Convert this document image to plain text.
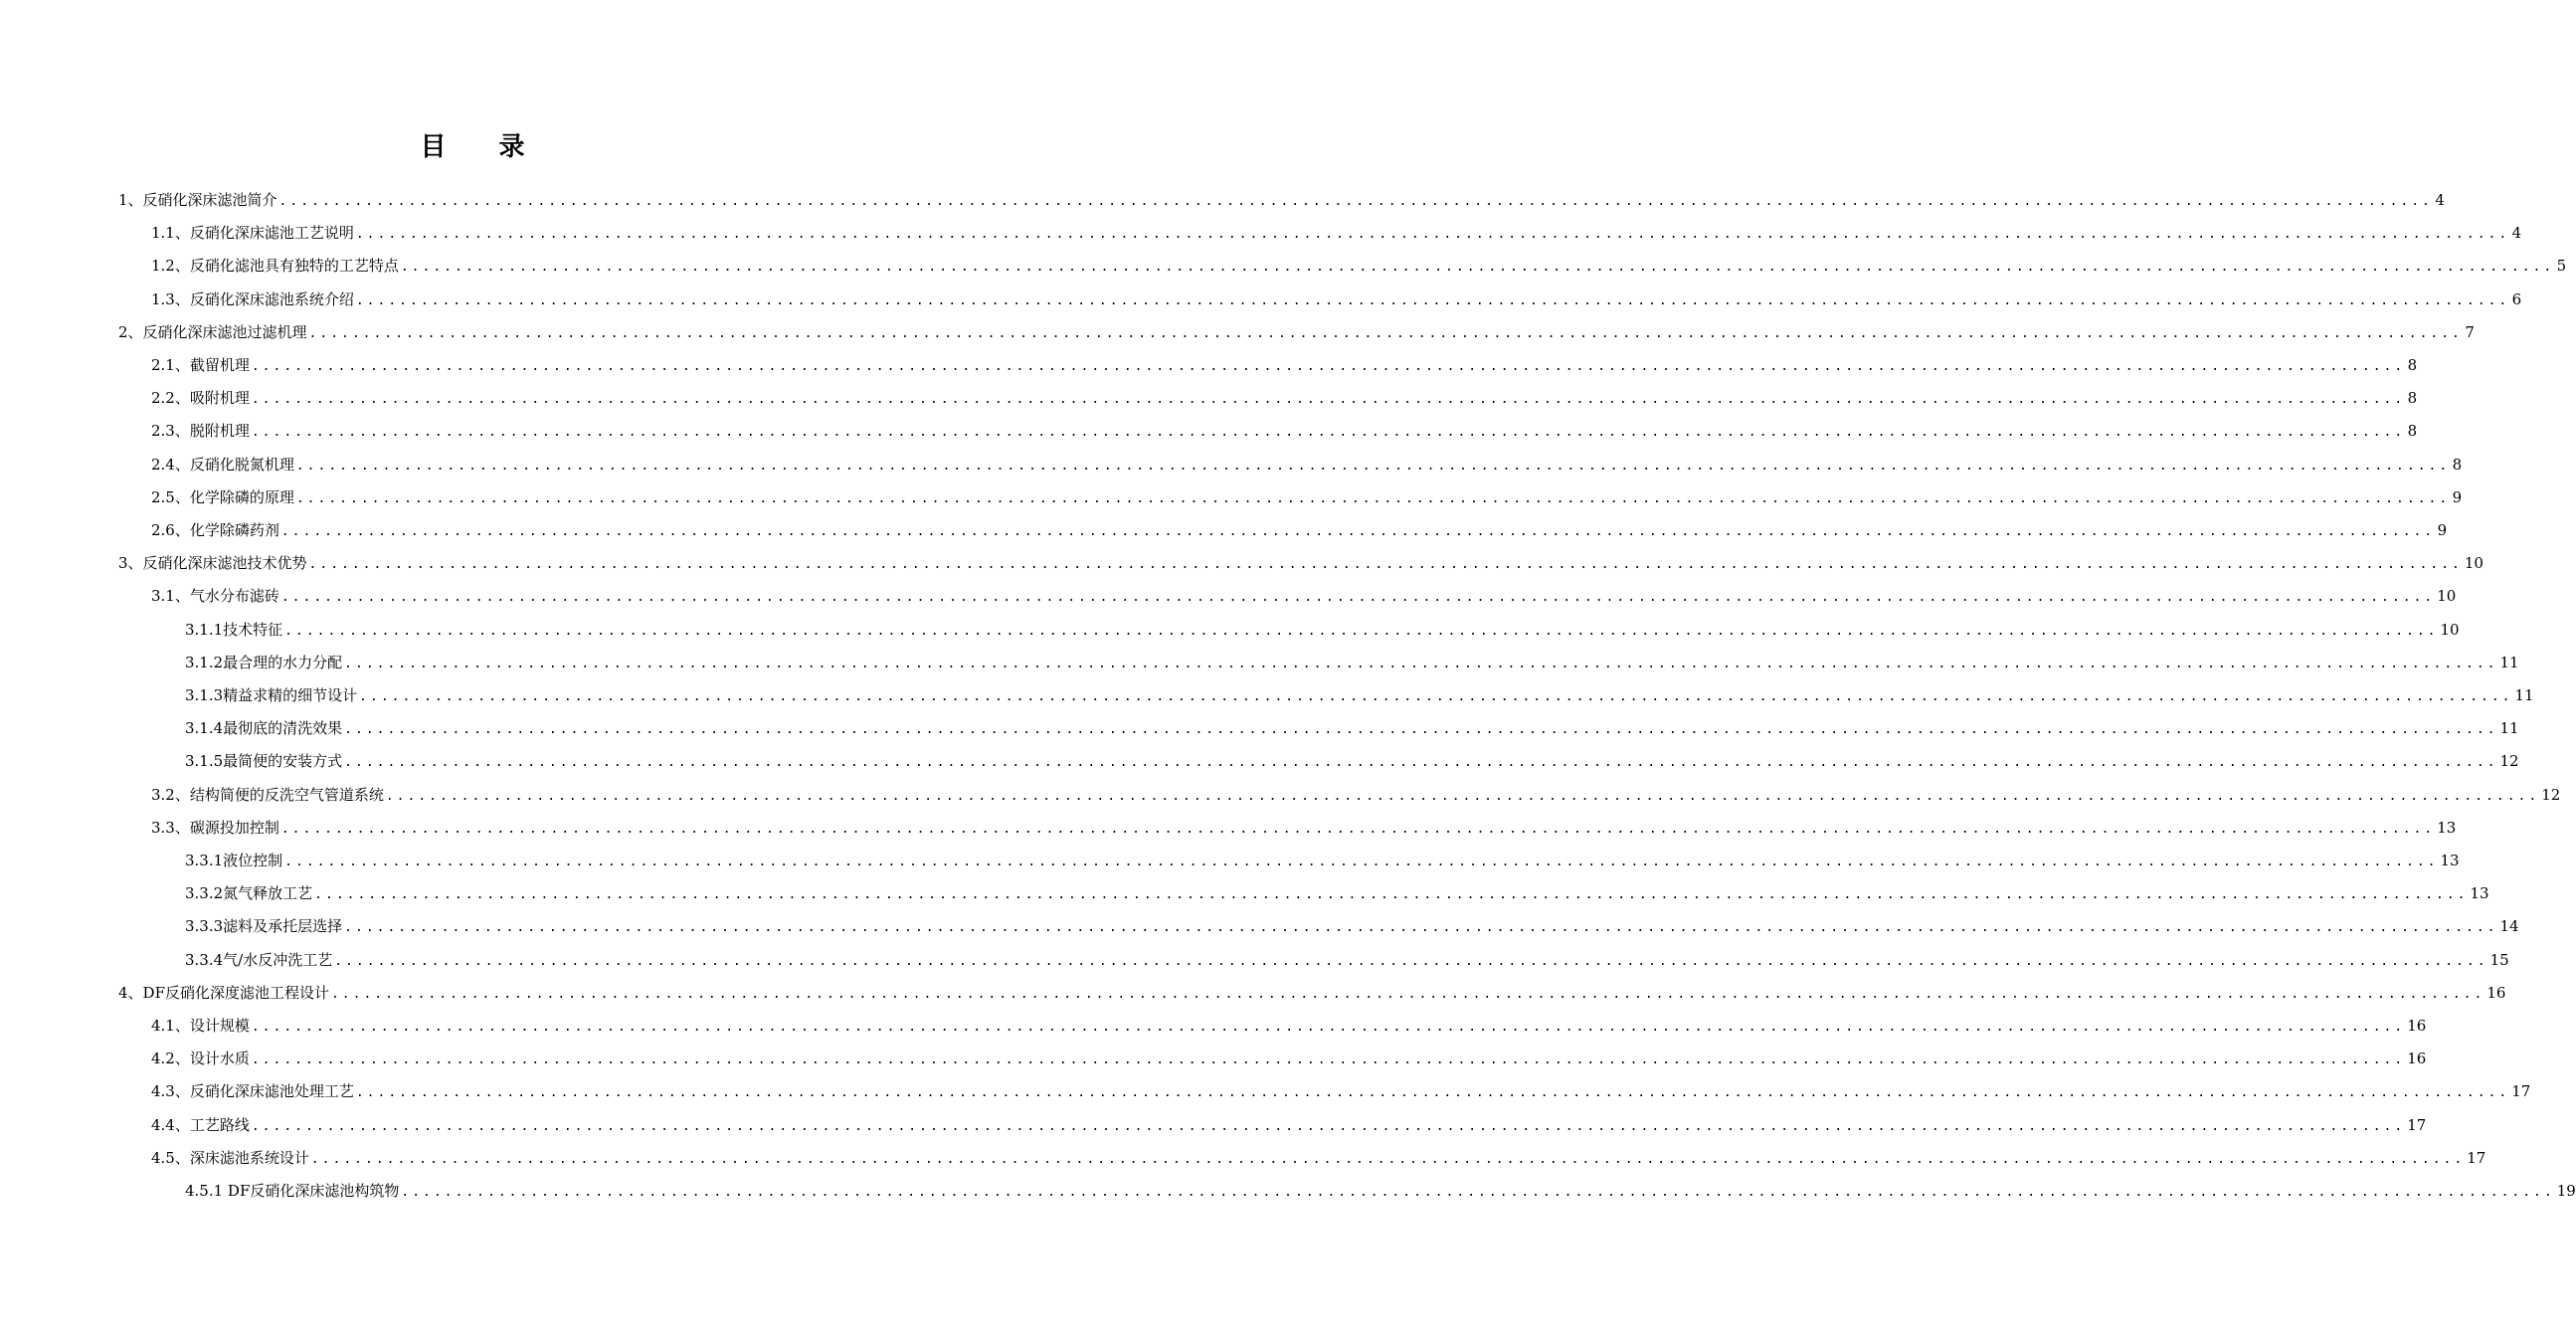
目 录
1、反硝化深床滤池简介 ........................................................................................................................................................................................................ 4
1.1、反硝化深床滤池工艺说明 ........................................................................................................................................................................................................ 4
1.2、反硝化滤池具有独特的工艺特点 ........................................................................................................................................................................................................ 5
1.3、反硝化深床滤池系统介绍 ........................................................................................................................................................................................................ 6
2、反硝化深床滤池过滤机理 ........................................................................................................................................................................................................ 7
2.1、截留机理 ........................................................................................................................................................................................................ 8
2.2、吸附机理 ........................................................................................................................................................................................................ 8
2.3、脱附机理 ........................................................................................................................................................................................................ 8
2.4、反硝化脱氮机理 ........................................................................................................................................................................................................ 8
2.5、化学除磷的原理 ........................................................................................................................................................................................................ 9
2.6、化学除磷药剂 ........................................................................................................................................................................................................ 9
3、反硝化深床滤池技术优势 ........................................................................................................................................................................................................ 10
3.1、气水分布滤砖 ........................................................................................................................................................................................................ 10
3.1.1技术特征 ........................................................................................................................................................................................................ 10
3.1.2最合理的水力分配 ........................................................................................................................................................................................................ 11
3.1.3精益求精的细节设计 ........................................................................................................................................................................................................ 11
3.1.4最彻底的清洗效果 ........................................................................................................................................................................................................ 11
3.1.5最简便的安装方式 ........................................................................................................................................................................................................ 12
3.2、结构简便的反洗空气管道系统 ........................................................................................................................................................................................................ 12
3.3、碳源投加控制 ........................................................................................................................................................................................................ 13
3.3.1液位控制 ........................................................................................................................................................................................................ 13
3.3.2氮气释放工艺 ........................................................................................................................................................................................................ 13
3.3.3滤料及承托层选择 ........................................................................................................................................................................................................ 14
3.3.4气/水反冲洗工艺 ........................................................................................................................................................................................................ 15
4、DF反硝化深度滤池工程设计 ........................................................................................................................................................................................................ 16
4.1、设计规模 ........................................................................................................................................................................................................ 16
4.2、设计水质 ........................................................................................................................................................................................................ 16
4.3、反硝化深床滤池处理工艺 ........................................................................................................................................................................................................ 17
4.4、工艺路线 ........................................................................................................................................................................................................ 17
4.5、深床滤池系统设计 ........................................................................................................................................................................................................ 17
4.5.1 DF反硝化深床滤池构筑物 ........................................................................................................................................................................................................ 19
